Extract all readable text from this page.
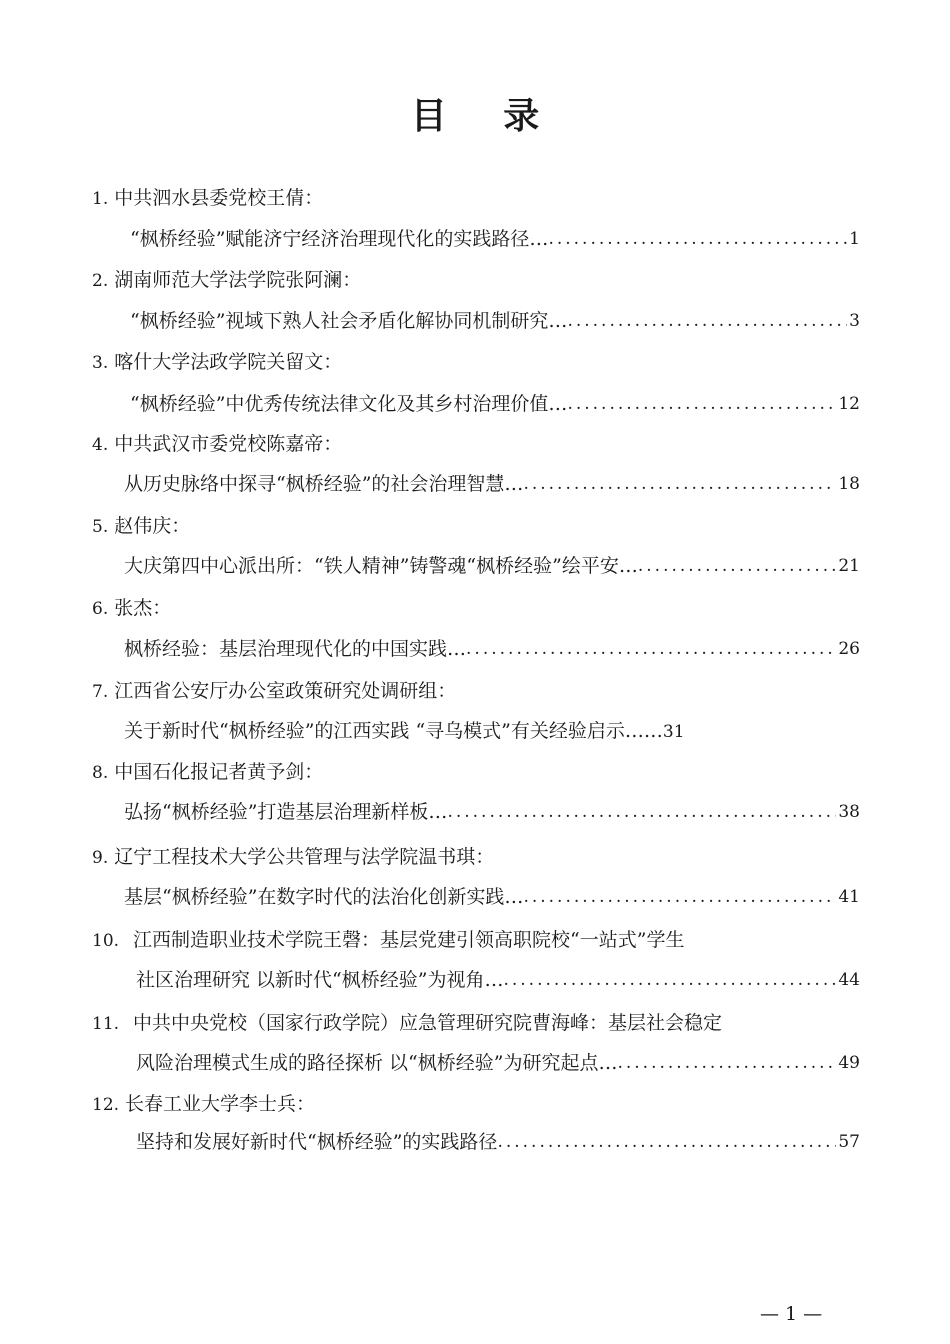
目 录
1. 中共泗水县委党校王倩：
“枫桥经验”赋能济宁经济治理现代化的实践路径… .....	1
2. 湖南师范大学法学院张阿澜：
“枫桥经验”视域下熟人社会矛盾化解协同机制研究… .....	3
3. 喀什大学法政学院关留文：
“枫桥经验”中优秀传统法律文化及其乡村治理价值… .....	12
4. 中共武汉市委党校陈嘉帝：
从历史脉络中探寻“枫桥经验”的社会治理智慧… .....	18
5. 赵伟庆：
大庆第四中心派出所：“铁人精神”铸警魂“枫桥经验”绘平安… .....	21
6. 张杰：
枫桥经验：基层治理现代化的中国实践… .....	26
7. 江西省公安厅办公室政策研究处调研组：
关于新时代“枫桥经验”的江西实践 “寻乌模式”有关经验启示……31
8. 中国石化报记者黄予剑：
弘扬“枫桥经验”打造基层治理新样板… .....	38
9. 辽宁工程技术大学公共管理与法学院温书琪：
基层“枫桥经验”在数字时代的法治化创新实践… .....	41
10. 江西制造职业技术学院王磬：基层党建引领高职院校“一站式”学生
社区治理研究 以新时代“枫桥经验”为视角… .....	44
11. 中共中央党校（国家行政学院）应急管理研究院曹海峰：基层社会稳定
风险治理模式生成的路径探析 以“枫桥经验”为研究起点… .....	49
12. 长春工业大学李士兵：
坚持和发展好新时代“枫桥经验”的实践路径 .....	57
— 1 —
